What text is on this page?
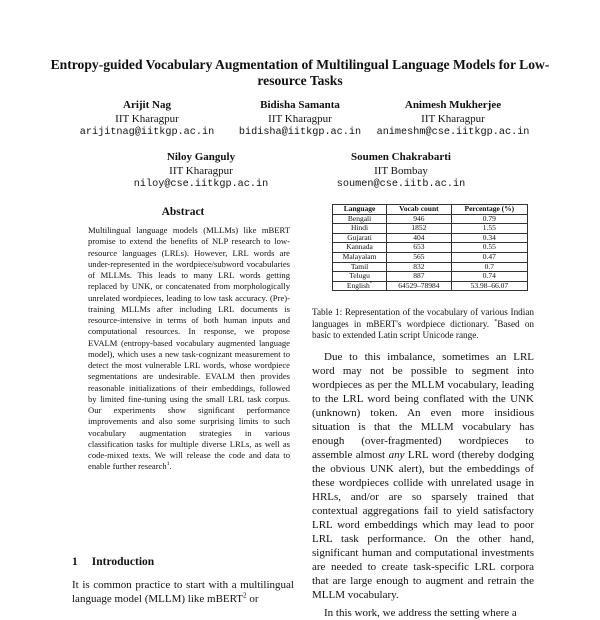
Entropy-guided Vocabulary Augmentation of Multilingual Language Models for Low-resource Tasks
Arijit Nag
IIT Kharagpur
arijitnag@iitkgp.ac.in
Bidisha Samanta
IIT Kharagpur
bidisha@iitkgp.ac.in
Animesh Mukherjee
IIT Kharagpur
animeshm@cse.iitkgp.ac.in
Niloy Ganguly
IIT Kharagpur
niloy@cse.iitkgp.ac.in
Soumen Chakrabarti
IIT Bombay
soumen@cse.iitb.ac.in
Abstract
Multilingual language models (MLLMs) like mBERT promise to extend the benefits of NLP research to low-resource languages (LRLs). However, LRL words are under-represented in the wordpiece/subword vocabularies of MLLMs. This leads to many LRL words getting replaced by UNK, or concatenated from morphologically unrelated wordpieces, leading to low task accuracy. (Pre)-training MLLMs after including LRL documents is resource-intensive in terms of both human inputs and computational resources. In response, we propose EVALM (entropy-based vocabulary augmented language model), which uses a new task-cognizant measurement to detect the most vulnerable LRL words, whose wordpiece segmentations are undesirable. EVALM then provides reasonable initializations of their embeddings, followed by limited fine-tuning using the small LRL task corpus. Our experiments show significant performance improvements and also some surprising limits to such vocabulary augmentation strategies in various classification tasks for multiple diverse LRLs, as well as code-mixed texts. We will release the code and data to enable further research$^1$.
1 Introduction
It is common practice to start with a multilingual language model (MLLM) like mBERT$^2$ or
Language	Vocab count	Percentage (%)
Bengali	946	0.79
Hindi	1852	1.55
Gujarati	404	0.34
Kannada	653	0.55
Malayalam	565	0.47
Tamil	832	0.7
Telugu	887	0.74
English*	64529–78984	53.98–66.07
Table 1: Representation of the vocabulary of various Indian languages in mBERT's wordpiece dictionary. *Based on basic to extended Latin script Unicode range.

Due to this imbalance, sometimes an LRL word may not be possible to segment into wordpieces as per the MLLM vocabulary, leading to the LRL word being conflated with the UNK (unknown) token. An even more insidious situation is that the MLLM vocabulary has enough (over-fragmented) wordpieces to assemble almost any LRL word (thereby dodging the obvious UNK alert), but the embeddings of these wordpieces collide with unrelated usage in HRLs, and/or are so sparsely trained that contextual aggregations fail to yield satisfactory LRL word embeddings which may lead to poor LRL task performance. On the other hand, significant human and computational investments are needed to create task-specific LRL corpora that are large enough to augment and retrain the MLLM vocabulary.

In this work, we address the setting where a
